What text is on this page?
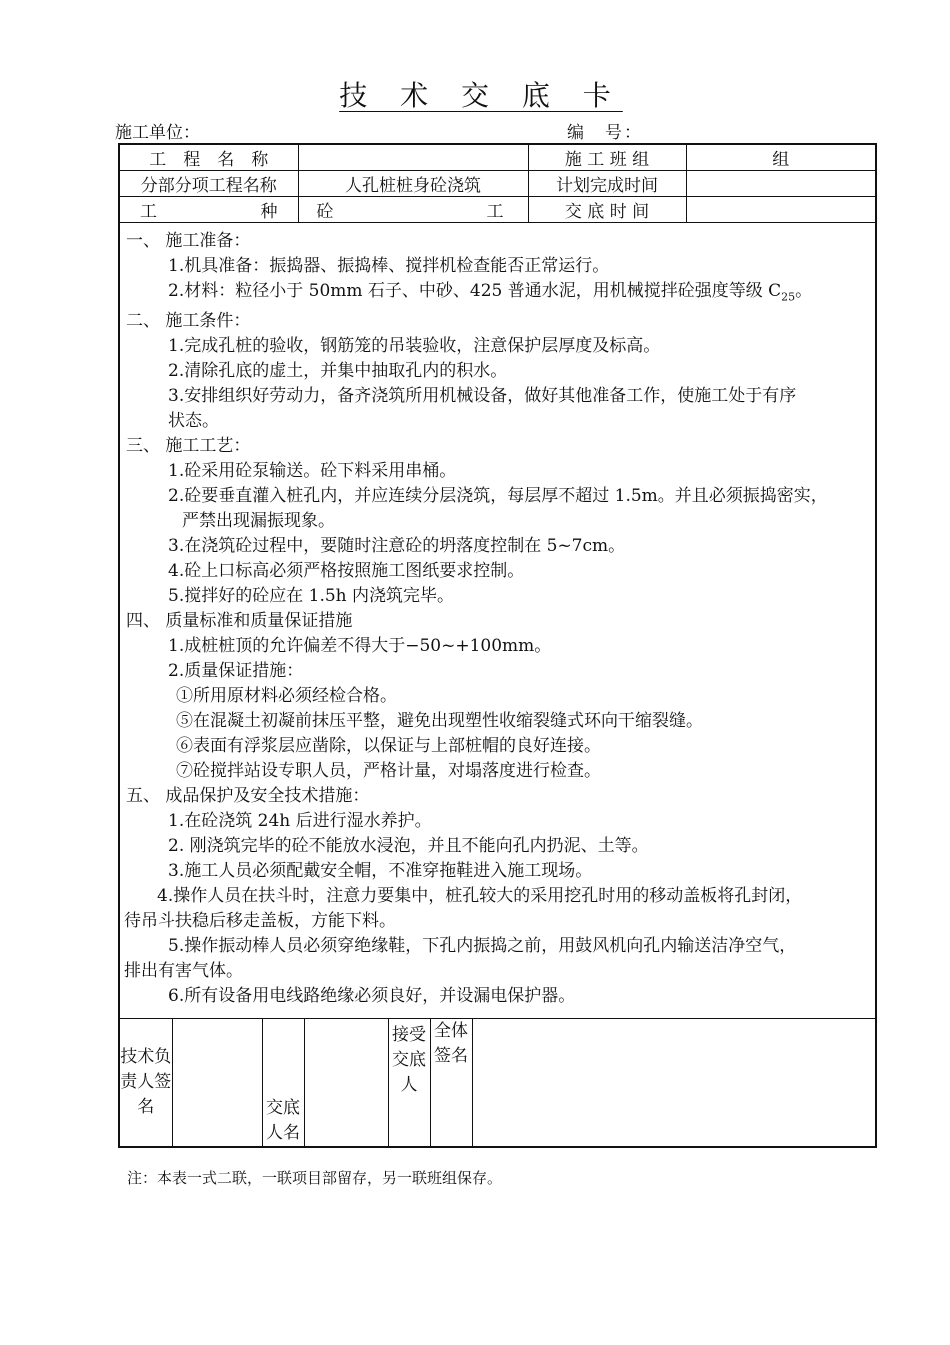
技 术 交 底 卡
施工单位：	编　号：
工　程　名　称		施 工 班 组	组
分部分项工程名称	人孔桩桩身砼浇筑	计划完成时间	

工 种	砼 工	交 底 时 间	

一、 施工准备：

1.机具准备：振捣器、振捣棒、搅拌机检查能否正常运行。

2.材料：粒径小于 50mm 石子、中砂、425 普通水泥，用机械搅拌砼强度等级 $C_{25}$。

二、 施工条件：

1.完成孔桩的验收，钢筋笼的吊装验收，注意保护层厚度及标高。

2.清除孔底的虚土，并集中抽取孔内的积水。

3.安排组织好劳动力，备齐浇筑所用机械设备，做好其他准备工作，使施工处于有序

状态。

三、 施工工艺：

1.砼采用砼泵输送。砼下料采用串桶。

2.砼要垂直灌入桩孔内，并应连续分层浇筑，每层厚不超过 1.5m。并且必须振捣密实，

严禁出现漏振现象。

3.在浇筑砼过程中，要随时注意砼的坍落度控制在 5~7cm。

4.砼上口标高必须严格按照施工图纸要求控制。

5.搅拌好的砼应在 1.5h 内浇筑完毕。

四、 质量标准和质量保证措施

1.成桩桩顶的允许偏差不得大于−50~+100mm。

2.质量保证措施：

①所用原材料必须经检合格。

⑤在混凝土初凝前抹压平整，避免出现塑性收缩裂缝式环向干缩裂缝。

⑥表面有浮浆层应凿除，以保证与上部桩帽的良好连接。

⑦砼搅拌站设专职人员，严格计量，对塌落度进行检查。

五、 成品保护及安全技术措施：

1.在砼浇筑 24h 后进行湿水养护。

2. 刚浇筑完毕的砼不能放水浸泡，并且不能向孔内扔泥、土等。

3.施工人员必须配戴安全帽，不准穿拖鞋进入施工现场。

4.操作人员在扶斗时，注意力要集中，桩孔较大的采用挖孔时用的移动盖板将孔封闭，

待吊斗扶稳后移走盖板，方能下料。

5.操作振动棒人员必须穿绝缘鞋，下孔内振捣之前，用鼓风机向孔内输送洁净空气，

排出有害气体。

6.所有设备用电线路绝缘必须良好，并设漏电保护器。

技术负责人签名		交底人名		接受交底人	全体签名	
注：本表一式二联，一联项目部留存，另一联班组保存。
